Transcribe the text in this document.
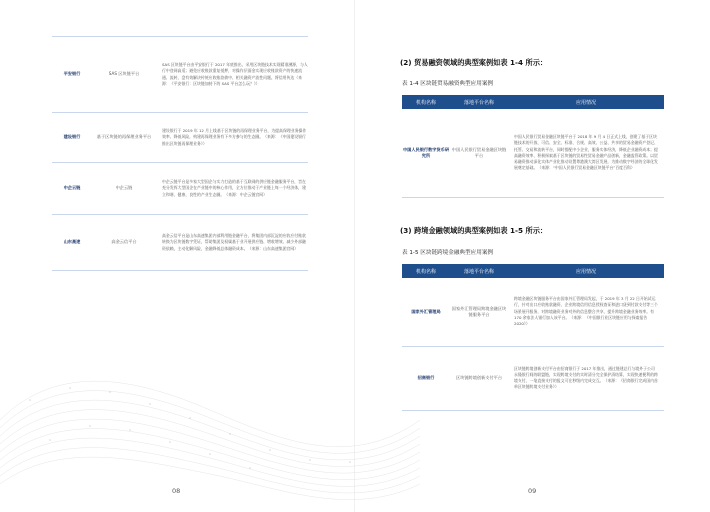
平安银行	SAS 区块链平台	SAS 区块链平台由平安银行于 2017 年底推出，采用区块链技术实现精准溯源，与人行中登网高适；避免应收账款重复抵押，对操作层面金实现应收账款资产的快速流通、流转，盘有效解决传统应收账款债中、相关融资产流性问题。将信用传达（来源：《平安银行：区块链加持下的 SAS 平台怎么玩？》）
建设银行	基于区块链的再保理业务平台	建设银行于 2019 年 12 月上线基于区块链的再保理业务平台，为提高保理业务操作效率、降低风险，构建再保理业务有下多方参与的生态圈。（来源：《中国建设银行推出区块链再保理业务》）
中企云链	中企云链	中企云链平台是多家大型国企与实力打造的基于互联网的供应链金融服务平台，旨在充分发挥大型国企在产业链中的核心作用，全方位推动于产业链上每一个经济体，建立和谐、健康、良性的产业生态圈。（来源：中企云链官网）
山东高速	高金云信平台	高金云信平台是山东高速集团内部利用链金融平台，将集团内部沉淀的应收应付账款转换为区块链数字凭证，帮助集团及权属基于业开展供应链、增收增效、减少外部融资依赖，主动化解风险，金融降低总体融资成本。（来源：山东高速集团官网）
08
(2) 贸易融资领域的典型案例如表 1-4 所示：
表 1-4 区块链贸易融资典型应用案例
机构名称	落地平台名称	应用情况
中国人民银行数字货币研究所	中国人民银行贸易金融区块链平台	中国人民银行贸易金融区块链平台于 2018 年 9 月 4 日正式上线，创建了基于区块链技术的开放、可信、安全、标准、合规、高效、公益、共享的贸易金融资产登记、托管、交易和流转平台，同时搭配中小企业，服务实体经济，降低企业融资成本；提高融资效率、积极探索基于区块链的贸易性贸易金融产品创新，金融监管政策。以贸易融资推动深化实体产业化推动设置粤港澳大湾区发展，为推动数字经济的全球化发展奠定基础。（来源：“中国人民银行贸易金融区块链平台”百度百科）
(3) 跨境金融领域的典型案例如表 1-5 所示：
表 1-5 区块链跨境金融典型应用案例
机构名称	落地平台名称	应用情况
国家外汇管理局	国家外汇管理局跨境金融区块链服务平台	跨境金融区块链服务平台由国家外汇管理局发起，于 2019 年 3 月 22 日开始试运行，针对出口应收账款融资、企业跨境信用信息授权查证和进口货到付款支付等三个场景展开服务，对跨境融资业务对外的信息整合共享，提升跨境金融业务效率。有 170 余家法人银行加入该平台。（来源：《中国银行业区块链应用与探索报告 2020》）
招商银行	区块链跨境创新支付平台	区块链跨境创新支付平台由招商银行于 2017 年推出，通过链建总行与境外子公司永隆银行间的联盟链，实现跨境支付的实时清分完全保护清结算，实现快速便利的跨境支付，一笔直接支付的报文可在秒级内完成交互。（来源：《招商银行完成国内首单区块链跨境支付业务》）
09
